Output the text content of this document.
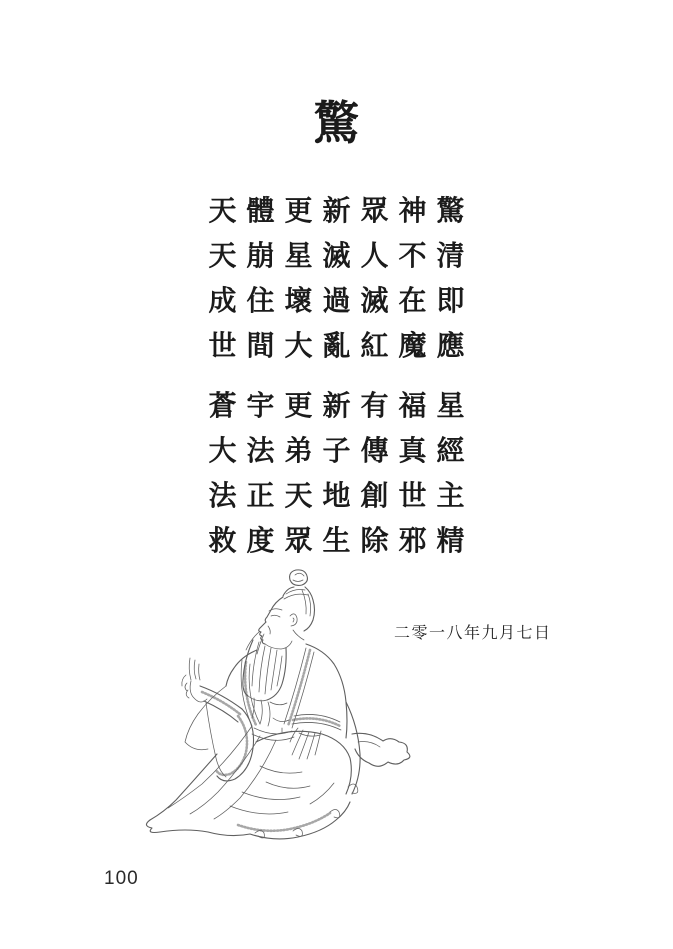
驚
天體更新眾神驚
天崩星滅人不清
成住壞過滅在即
世間大亂紅魔應
蒼宇更新有福星
大法弟子傳真經
法正天地創世主
救度眾生除邪精
二零一八年九月七日
100
